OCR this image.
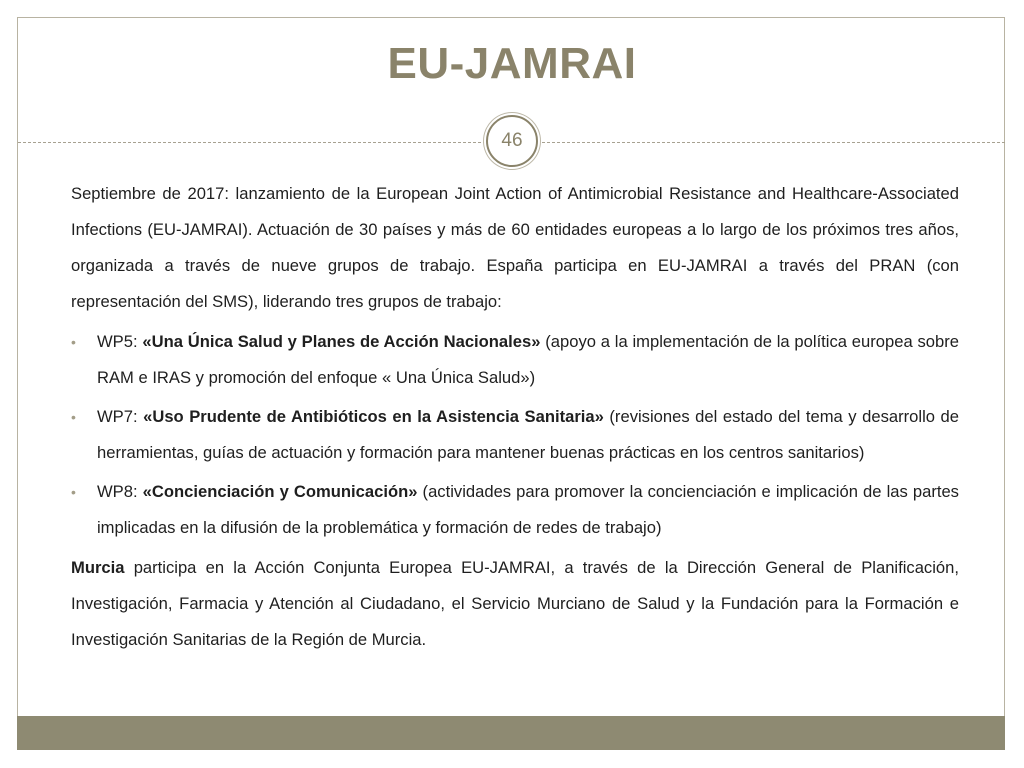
EU-JAMRAI
46

Septiembre de 2017: lanzamiento de la European Joint Action of Antimicrobial Resistance and Healthcare-Associated Infections (EU-JAMRAI). Actuación de 30 países y más de 60 entidades europeas a lo largo de los próximos tres años, organizada a través de nueve grupos de trabajo. España participa en EU-JAMRAI a través del PRAN (con representación del SMS), liderando tres grupos de trabajo:

• WP5: «Una Única Salud y Planes de Acción Nacionales» (apoyo a la implementación de la política europea sobre RAM e IRAS y promoción del enfoque « Una Única Salud»)
• WP7: «Uso Prudente de Antibióticos en la Asistencia Sanitaria» (revisiones del estado del tema y desarrollo de herramientas, guías de actuación y formación para mantener buenas prácticas en los centros sanitarios)
• WP8: «Concienciación y Comunicación» (actividades para promover la concienciación e implicación de las partes implicadas en la difusión de la problemática y formación de redes de trabajo)

Murcia participa en la Acción Conjunta Europea EU-JAMRAI, a través de la Dirección General de Planificación, Investigación, Farmacia y Atención al Ciudadano, el Servicio Murciano de Salud y la Fundación para la Formación e Investigación Sanitarias de la Región de Murcia.
